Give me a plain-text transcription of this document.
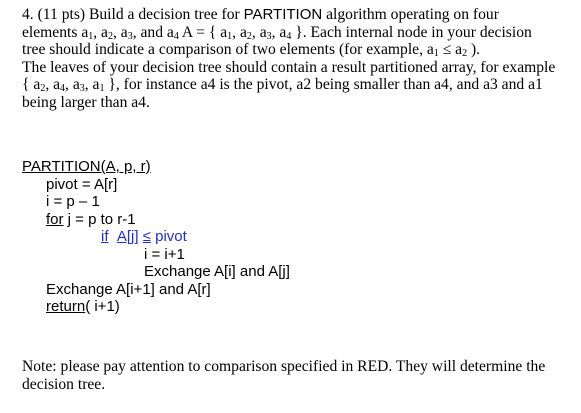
4. (11 pts) Build a decision tree for PARTITION algorithm operating on four
elements $a_1$, $a_2$, $a_3$, and $a_4$ A = { $a_1$, $a_2$, $a_3$, $a_4$ }. Each internal node in your decision
tree should indicate a comparison of two elements (for example, $a_1 \le a_2$ ).
The leaves of your decision tree should contain a result partitioned array, for example
{ $a_2$, $a_4$, $a_3$, $a_1$ }, for instance a4 is the pivot, a2 being smaller than a4, and a3 and a1
being larger than a4.
PARTITION(A, p, r)
pivot = A[r]
i = p – 1
for j = p to r-1
if A[j] ≤ pivot
i = i+1
Exchange A[i] and A[j]
Exchange A[i+1] and A[r]
return( i+1)
Note: please pay attention to comparison specified in RED. They will determine the
decision tree.
